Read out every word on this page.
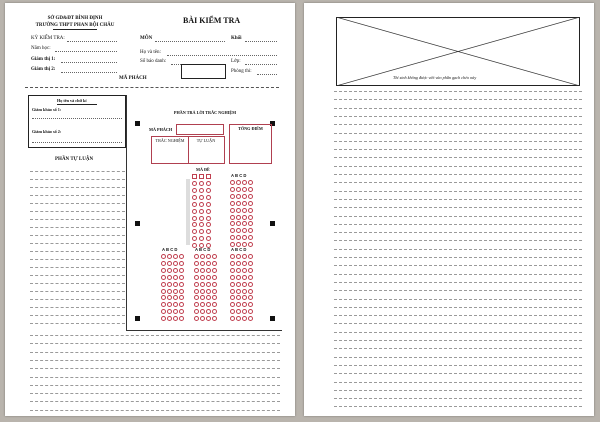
SỞ GD&ĐT BÌNH ĐỊNH
TRƯỜNG THPT PHAN BỘI CHÂU
BÀI KIỂM TRA
KỲ KIỂM TRA:	MÔN	Khối
Năm học:
Họ và tên:
Giám thị 1:	Số báo danh:	Lớp:
Giám thị 2:	Phòng thi:
MÃ PHÁCH
Họ tên và chữ kí
Giám khảo số 1:
Giám khảo số 2:
PHẦN TỰ LUẬN
PHẦN TRẢ LỜI TRẮC NGHIỆM
MÃ PHÁCH	TỔNG ĐIỂM
TRẮC NGHIỆM	TỰ LUẬN
MÃ ĐỀ
A B C D
A B C D	A B C D	A B C D
Thí sinh không được viết vào phần gạch chéo này
